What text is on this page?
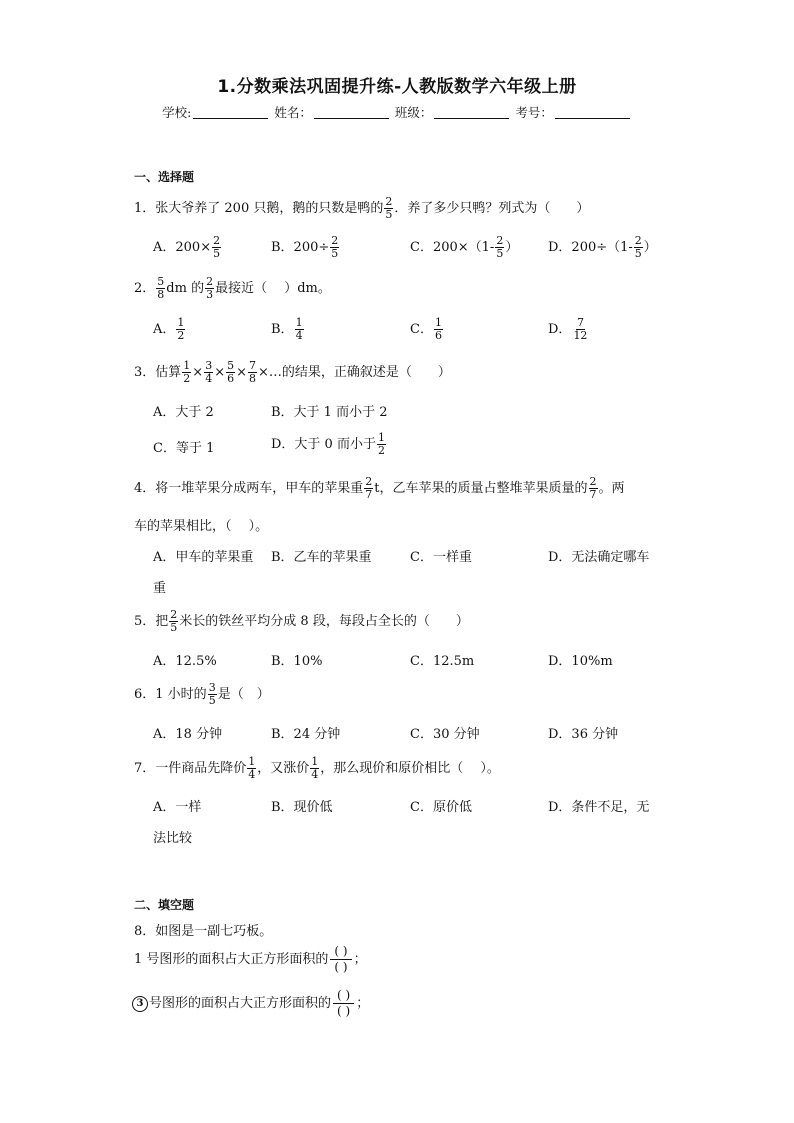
1.分数乘法巩固提升练-人教版数学六年级上册
学校:	姓名：	班级：	考号：
一、选择题
1．张大爷养了 200 只鹅，鹅的只数是鸭的 $\frac{2}{5}$ ．养了多少只鸭？列式为（　　）
A．$200\times \frac{2}{5}$	B．$200\div \frac{2}{5}$	C．$200\times(1- \frac{2}{5}$ ） D．$200\div(1- \frac{2}{5}$ ）
2． $\frac{5}{8}$ dm 的 $\frac{2}{3}$ 最接近（　 ）dm。
A． $\frac{1}{2}$	B． $\frac{1}{4}$	C． $\frac{1}{6}$	D． $\frac{7}{12}$
3．估算 $\frac{1}{2} \times \frac{3}{4} \times \frac{5}{6} \times \frac{7}{8}$ ×…的结果，正确叙述是（　　）
A．大于 2	B．大于 1 而小于 2
C．等于 1	D．大于 0 而小于 $\frac{1}{2}$
4．将一堆苹果分成两车，甲车的苹果重 $\frac{2}{7}$ t，乙车苹果的质量占整堆苹果质量的 $\frac{2}{7}$ 。两
车的苹果相比，（　 ）。
A．甲车的苹果重 B．乙车的苹果重	C．一样重	D．无法确定哪车
重
5．把 $\frac{2}{5}$ 米长的铁丝平均分成 8 段，每段占全长的（　　）
A．12.5%	B．10%	C．12.5m	D．10%m
6．1 小时的 $\frac{3}{5}$ 是（　）
A．18 分钟	B．24 分钟	C．30 分钟	D．36 分钟
7．一件商品先降价 $\frac{1}{4}$ ，又涨价 $\frac{1}{4}$ ，那么现价和原价相比（　 ）。
A．一样	B．现价低	C．原价低	D．条件不足，无
法比较
二、填空题
8．如图是一副七巧板。
1 号图形的面积占大正方形面积的 $\frac{( )}{( )}$ ；
3 号图形的面积占大正方形面积的 $\frac{( )}{( )}$ ；
